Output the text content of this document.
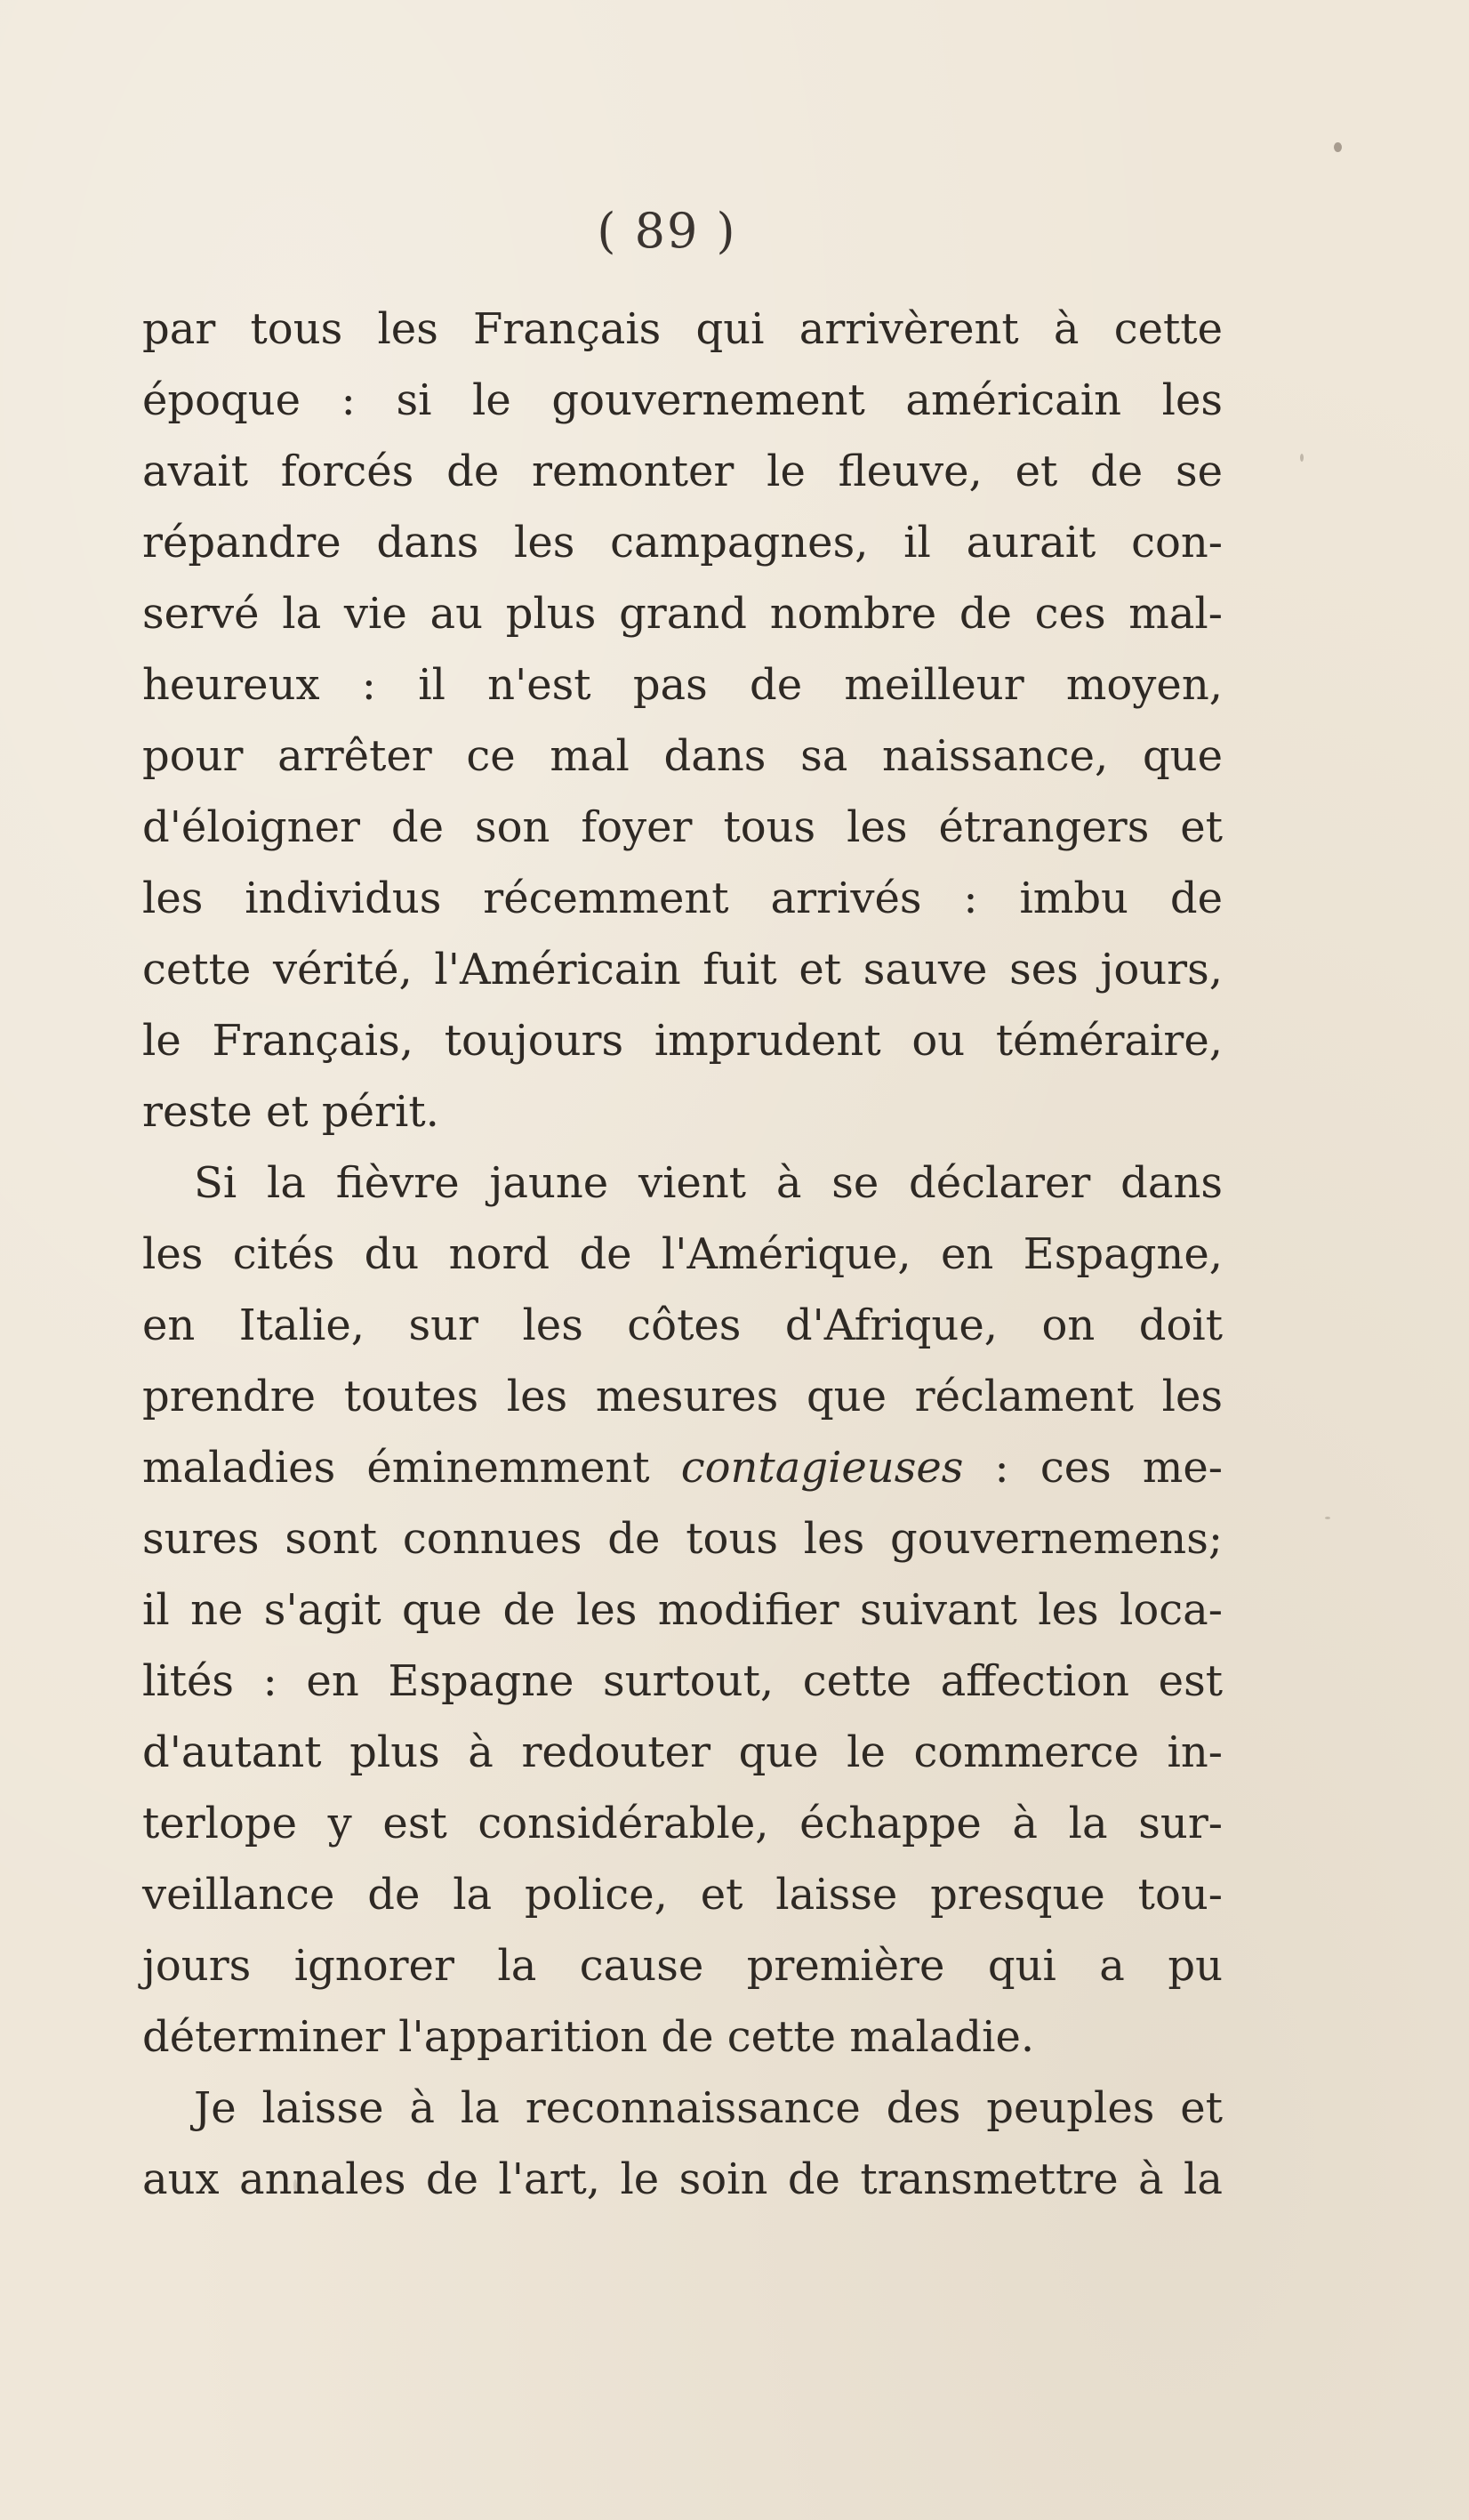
( 89 )
par tous les Français qui arrivèrent à cette
époque : si le gouvernement américain les
avait forcés de remonter le fleuve, et de se
répandre dans les campagnes, il aurait con-
servé la vie au plus grand nombre de ces mal-
heureux : il n'est pas de meilleur moyen,
pour arrêter ce mal dans sa naissance, que
d'éloigner de son foyer tous les étrangers et
les individus récemment arrivés : imbu de
cette vérité, l'Américain fuit et sauve ses jours,
le Français, toujours imprudent ou téméraire,
reste et périt.
Si la fièvre jaune vient à se déclarer dans
les cités du nord de l'Amérique, en Espagne,
en Italie, sur les côtes d'Afrique, on doit
prendre toutes les mesures que réclament les
maladies éminemment contagieuses : ces me-
sures sont connues de tous les gouvernemens;
il ne s'agit que de les modifier suivant les loca-
lités : en Espagne surtout, cette affection est
d'autant plus à redouter que le commerce in-
terlope y est considérable, échappe à la sur-
veillance de la police, et laisse presque tou-
jours ignorer la cause première qui a pu
déterminer l'apparition de cette maladie.
Je laisse à la reconnaissance des peuples et
aux annales de l'art, le soin de transmettre à la
